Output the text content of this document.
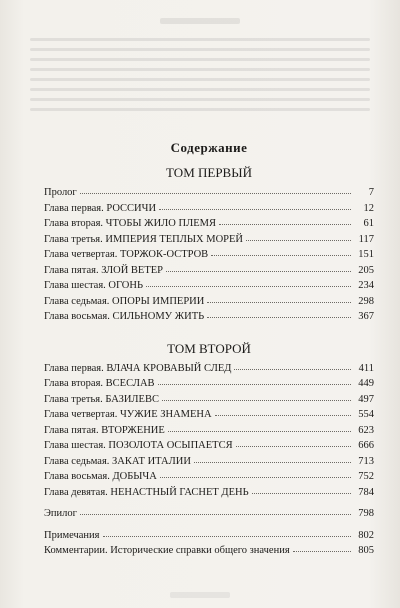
Содержание
ТОМ ПЕРВЫЙ
Пролог	7
Глава первая. РОССИЧИ	12
Глава вторая. ЧТОБЫ ЖИЛО ПЛЕМЯ	61
Глава третья. ИМПЕРИЯ ТЕПЛЫХ МОРЕЙ	117
Глава четвертая. ТОРЖОК-ОСТРОВ	151
Глава пятая. ЗЛОЙ ВЕТЕР	205
Глава шестая. ОГОНЬ	234
Глава седьмая. ОПОРЫ ИМПЕРИИ	298
Глава восьмая. СИЛЬНОМУ ЖИТЬ	367
ТОМ ВТОРОЙ
Глава первая. ВЛАЧА КРОВАВЫЙ СЛЕД	411
Глава вторая. ВСЕСЛАВ	449
Глава третья. БАЗИЛЕВС	497
Глава четвертая. ЧУЖИЕ ЗНАМЕНА	554
Глава пятая. ВТОРЖЕНИЕ	623
Глава шестая. ПОЗОЛОТА ОСЫПАЕТСЯ	666
Глава седьмая. ЗАКАТ ИТАЛИИ	713
Глава восьмая. ДОБЫЧА	752
Глава девятая. НЕНАСТНЫЙ ГАСНЕТ ДЕНЬ	784
Эпилог	798
Примечания	802
Комментарии. Исторические справки общего значения	805
